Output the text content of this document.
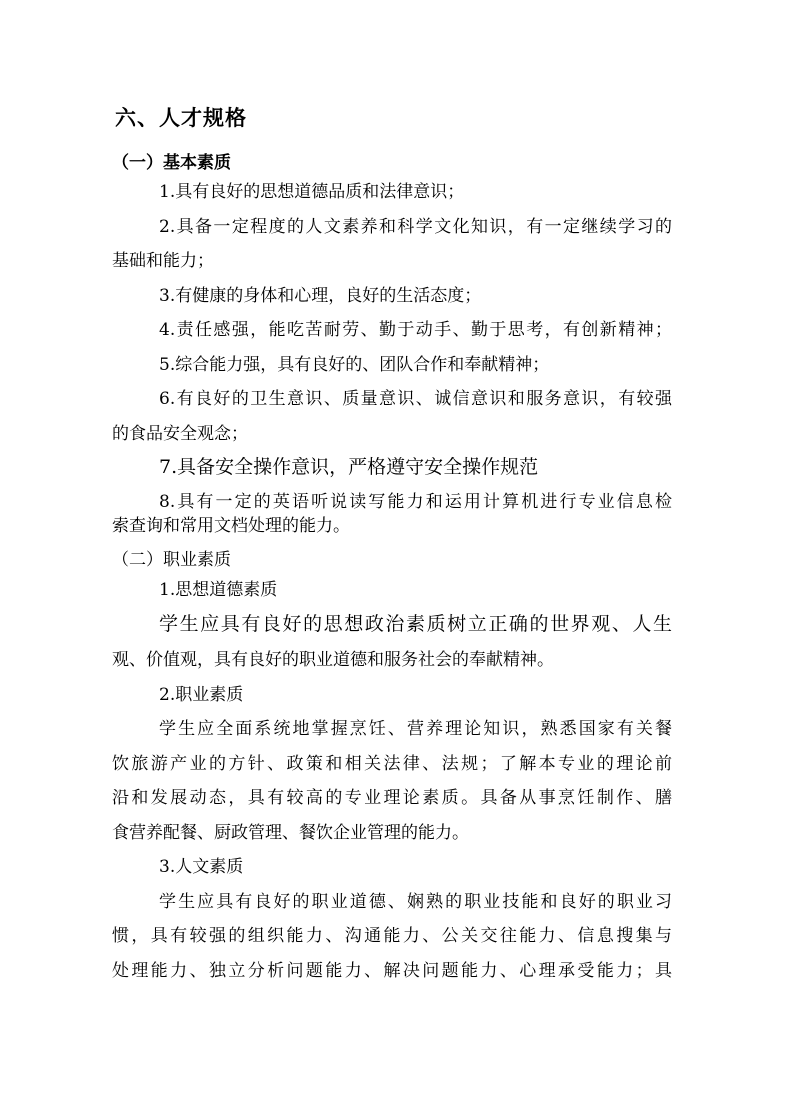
六、人才规格
（一）基本素质
1.具有良好的思想道德品质和法律意识；
2.具备一定程度的人文素养和科学文化知识，有一定继续学习的
基础和能力；
3.有健康的身体和心理，良好的生活态度；
4.责任感强，能吃苦耐劳、勤于动手、勤于思考，有创新精神；
5.综合能力强，具有良好的、团队合作和奉献精神；
6.有良好的卫生意识、质量意识、诚信意识和服务意识，有较强
的食品安全观念；
7.具备安全操作意识，严格遵守安全操作规范
8.具有一定的英语听说读写能力和运用计算机进行专业信息检
索查询和常用文档处理的能力。
（二）职业素质
1.思想道德素质
学生应具有良好的思想政治素质树立正确的世界观、人生
观、价值观，具有良好的职业道德和服务社会的奉献精神。
2.职业素质
学生应全面系统地掌握烹饪、营养理论知识，熟悉国家有关餐
饮旅游产业的方针、政策和相关法律、法规；了解本专业的理论前
沿和发展动态，具有较高的专业理论素质。具备从事烹饪制作、膳
食营养配餐、厨政管理、餐饮企业管理的能力。
3.人文素质
学生应具有良好的职业道德、娴熟的职业技能和良好的职业习
惯，具有较强的组织能力、沟通能力、公关交往能力、信息搜集与
处理能力、独立分析问题能力、解决问题能力、心理承受能力；具
